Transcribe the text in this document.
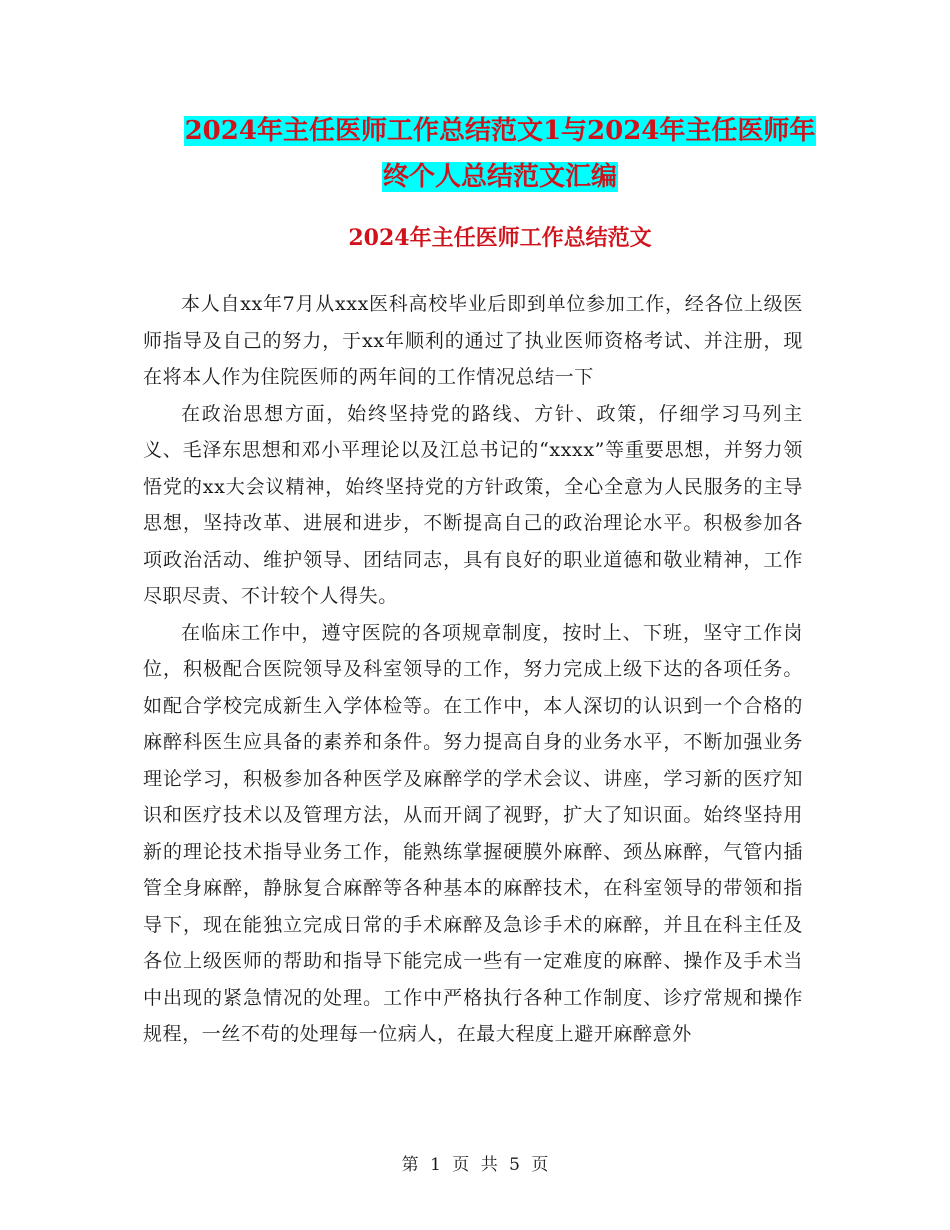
2024年主任医师工作总结范文1与2024年主任医师年
终个人总结范文汇编
2024年主任医师工作总结范文

本人自xx年7月从xxx医科高校毕业后即到单位参加工作，经各位上级医师指导及自己的努力，于xx年顺利的通过了执业医师资格考试、并注册，现在将本人作为住院医师的两年间的工作情况总结一下

在政治思想方面，始终坚持党的路线、方针、政策，仔细学习马列主义、毛泽东思想和邓小平理论以及江总书记的“xxxx”等重要思想，并努力领悟党的xx大会议精神，始终坚持党的方针政策，全心全意为人民服务的主导思想，坚持改革、进展和进步，不断提高自己的政治理论水平。积极参加各项政治活动、维护领导、团结同志，具有良好的职业道德和敬业精神，工作尽职尽责、不计较个人得失。

在临床工作中，遵守医院的各项规章制度，按时上、下班，坚守工作岗位，积极配合医院领导及科室领导的工作，努力完成上级下达的各项任务。如配合学校完成新生入学体检等。在工作中，本人深切的认识到一个合格的麻醉科医生应具备的素养和条件。努力提高自身的业务水平，不断加强业务理论学习，积极参加各种医学及麻醉学的学术会议、讲座，学习新的医疗知识和医疗技术以及管理方法，从而开阔了视野，扩大了知识面。始终坚持用新的理论技术指导业务工作，能熟练掌握硬膜外麻醉、颈丛麻醉，气管内插管全身麻醉，静脉复合麻醉等各种基本的麻醉技术，在科室领导的带领和指导下，现在能独立完成日常的手术麻醉及急诊手术的麻醉，并且在科主任及各位上级医师的帮助和指导下能完成一些有一定难度的麻醉、操作及手术当中出现的紧急情况的处理。工作中严格执行各种工作制度、诊疗常规和操作规程，一丝不苟的处理每一位病人，在最大程度上避开麻醉意外

第 1 页 共 5 页
